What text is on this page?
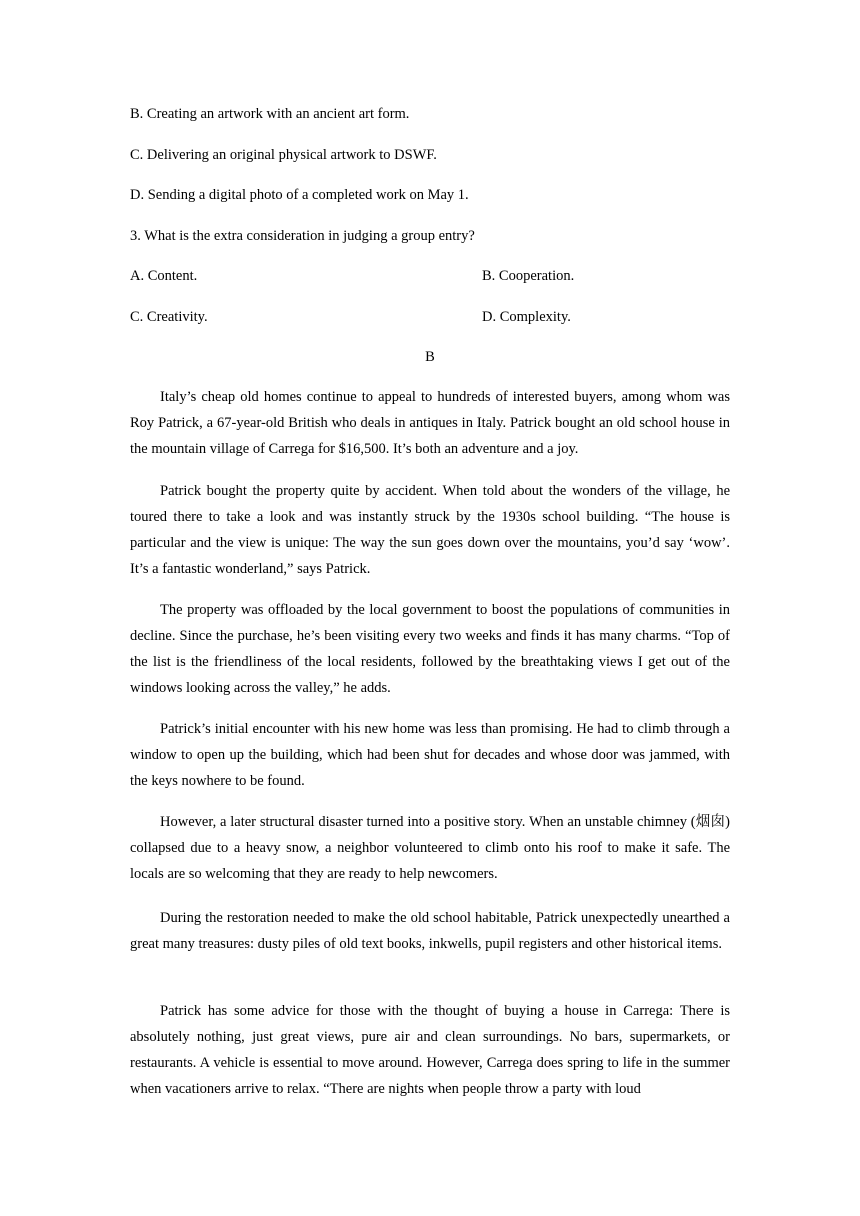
B. Creating an artwork with an ancient art form.
C. Delivering an original physical artwork to DSWF.
D. Sending a digital photo of a completed work on May 1.
3. What is the extra consideration in judging a group entry?
A. Content.	B. Cooperation.
C. Creativity.	D. Complexity.
B

Italy’s cheap old homes continue to appeal to hundreds of interested buyers, among whom was Roy Patrick, a 67-year-old British who deals in antiques in Italy. Patrick bought an old school house in the mountain village of Carrega for $16,500. It’s both an adventure and a joy.

Patrick bought the property quite by accident. When told about the wonders of the village, he toured there to take a look and was instantly struck by the 1930s school building. “The house is particular and the view is unique: The way the sun goes down over the mountains, you’d say ‘wow’. It’s a fantastic wonderland,” says Patrick.

The property was offloaded by the local government to boost the populations of communities in decline. Since the purchase, he’s been visiting every two weeks and finds it has many charms. “Top of the list is the friendliness of the local residents, followed by the breathtaking views I get out of the windows looking across the valley,” he adds.

Patrick’s initial encounter with his new home was less than promising. He had to climb through a window to open up the building, which had been shut for decades and whose door was jammed, with the keys nowhere to be found.

However, a later structural disaster turned into a positive story. When an unstable chimney (烟囱) collapsed due to a heavy snow, a neighbor volunteered to climb onto his roof to make it safe. The locals are so welcoming that they are ready to help newcomers.

During the restoration needed to make the old school habitable, Patrick unexpectedly unearthed a great many treasures: dusty piles of old text books, inkwells, pupil registers and other historical items.

Patrick has some advice for those with the thought of buying a house in Carrega: There is absolutely nothing, just great views, pure air and clean surroundings. No bars, supermarkets, or restaurants. A vehicle is essential to move around. However, Carrega does spring to life in the summer when vacationers arrive to relax. “There are nights when people throw a party with loud
